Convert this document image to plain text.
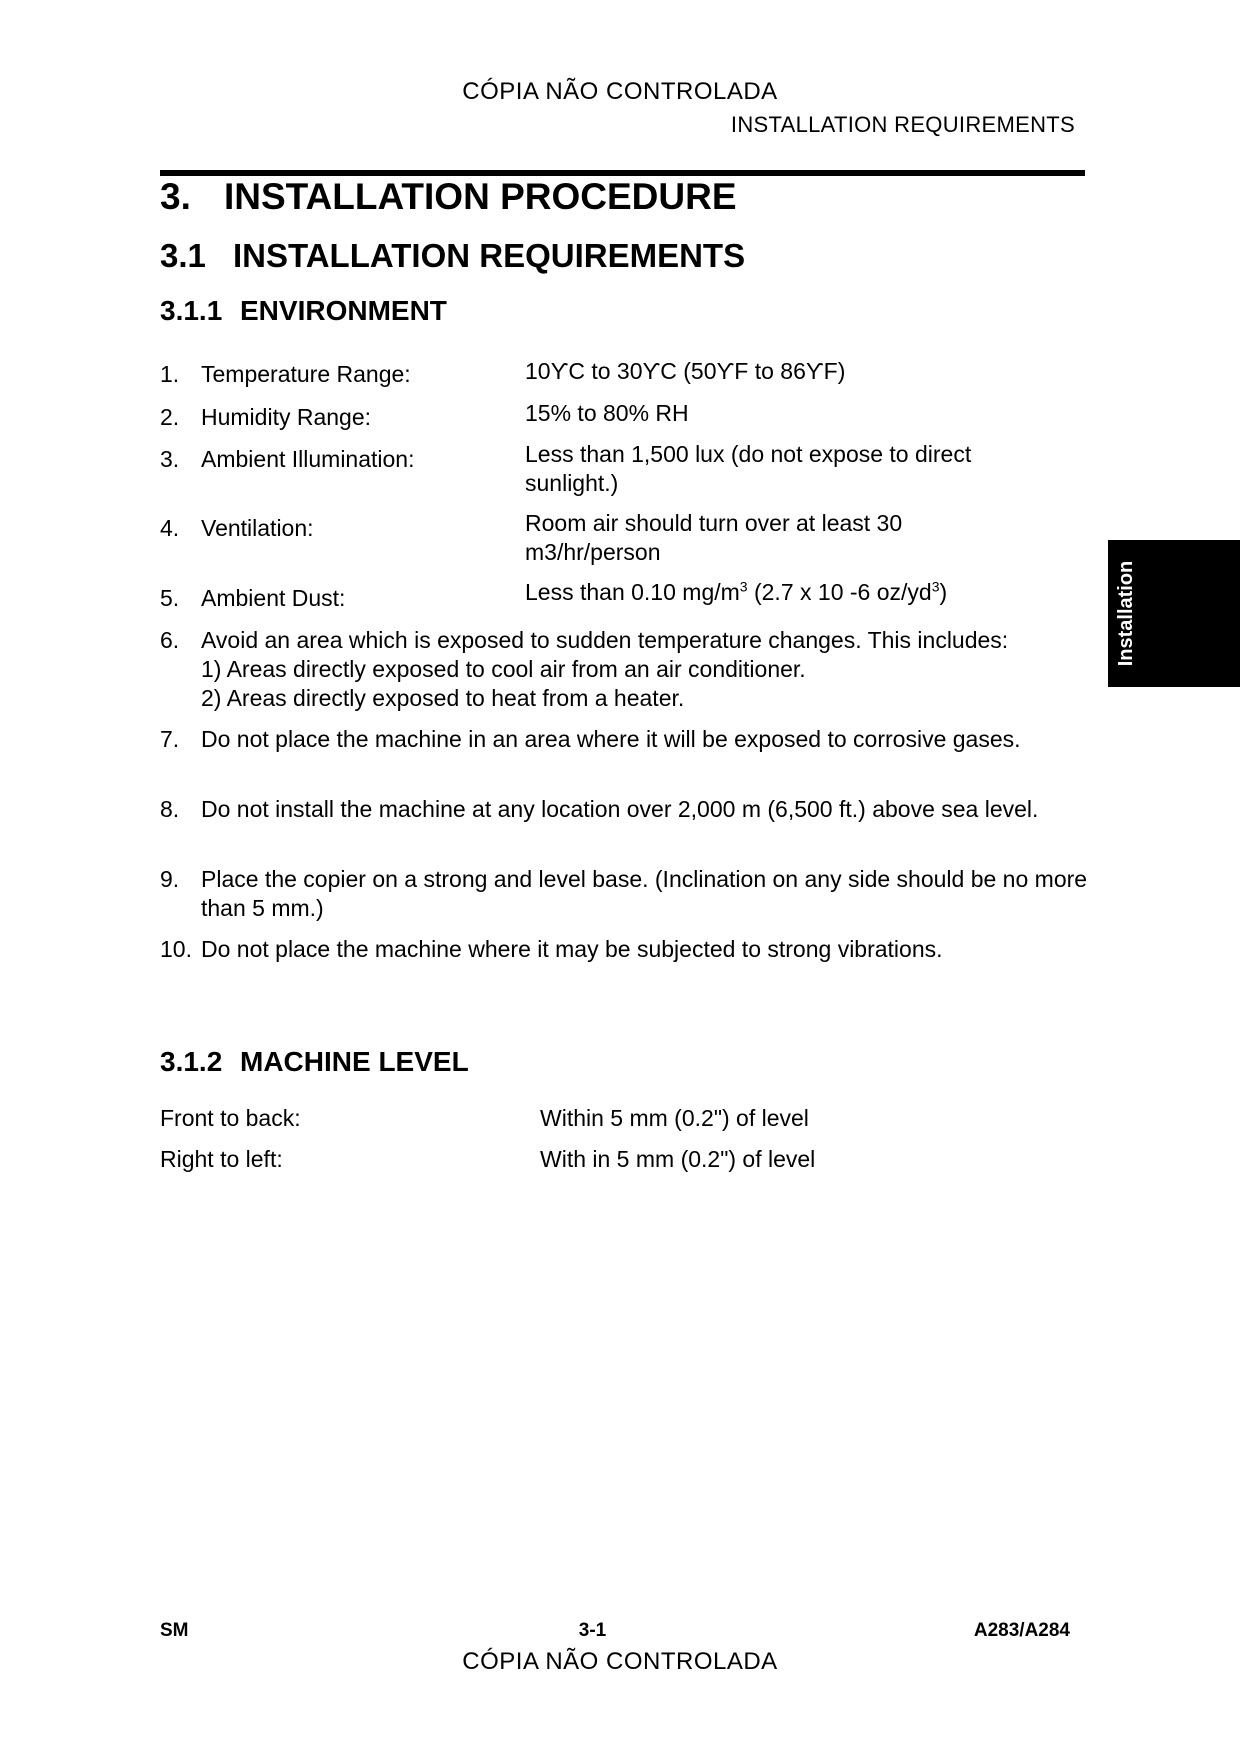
CÓPIA NÃO CONTROLADA
INSTALLATION REQUIREMENTS
3. INSTALLATION PROCEDURE
3.1 INSTALLATION REQUIREMENTS
3.1.1 ENVIRONMENT
1. Temperature Range:	10ϒC to 30ϒC (50ϒF to 86ϒF)
2. Humidity Range:	15% to 80% RH
3. Ambient Illumination:	Less than 1,500 lux (do not expose to direct sunlight.)
4. Ventilation:	Room air should turn over at least 30 m3/hr/person
5. Ambient Dust:	Less than 0.10 $mg/m^3$ (2.7 x 10 -6 $oz/yd^3$)
6. Avoid an area which is exposed to sudden temperature changes. This includes:
1) Areas directly exposed to cool air from an air conditioner.
2) Areas directly exposed to heat from a heater.
7. Do not place the machine in an area where it will be exposed to corrosive gases.
8. Do not install the machine at any location over 2,000 m (6,500 ft.) above sea level.
9. Place the copier on a strong and level base. (Inclination on any side should be no more than 5 mm.)
10. Do not place the machine where it may be subjected to strong vibrations.
3.1.2 MACHINE LEVEL
Front to back:	Within 5 mm (0.2") of level
Right to left:	With in 5 mm (0.2") of level
Installation
SM	3-1	A283/A284
CÓPIA NÃO CONTROLADA
